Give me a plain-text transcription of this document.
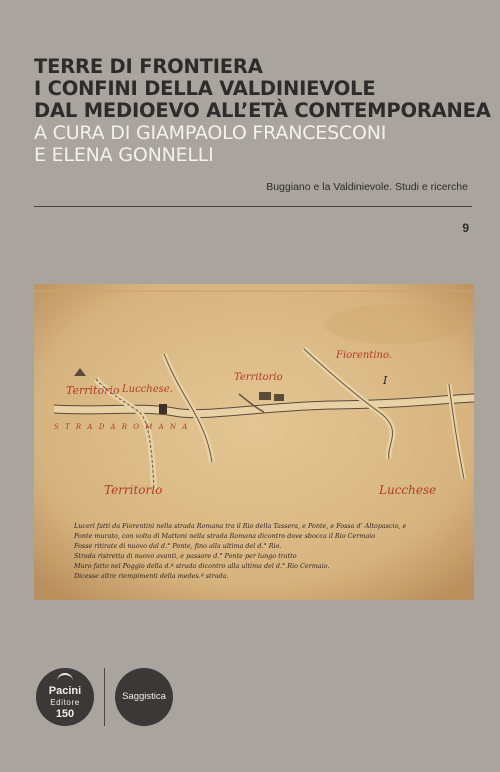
TERRE DI FRONTIERA
I CONFINI DELLA VALDINIEVOLE
DAL MEDIOEVO ALL’ETÀ CONTEMPORANEA
A CURA DI GIAMPAOLO FRANCESCONI
E ELENA GONNELLI
Buggiano e la Valdinievole. Studi e ricerche
9
Territorio Lucchese.
Territorio
Fiorentino.
Territorio	Lucchese
S T R A D A R O M A N A
I
Lucerì fatti da Fiorentini nella strada Romana tra il Rio della Tassera, e Ponte, e Fossa d’ Altopascio, e
Ponte murato, con volta di Mattoni nella strada Romana dicontro dove sbocca il Rio Cermaio
Fosse ritirate di nuovo dal d.° Ponte, fino alla ultima del d.° Rio.
Strada ristretta di nuovo avanti, e passare d.° Ponte per lungo tratto
Muro fatto nel Poggio della d.ª strada dicontro alla ultima del d.° Rio Cermaio.
Dicesse altre riempimenti della medes.ª strada.
Pacini
Editore
150
Saggistica
